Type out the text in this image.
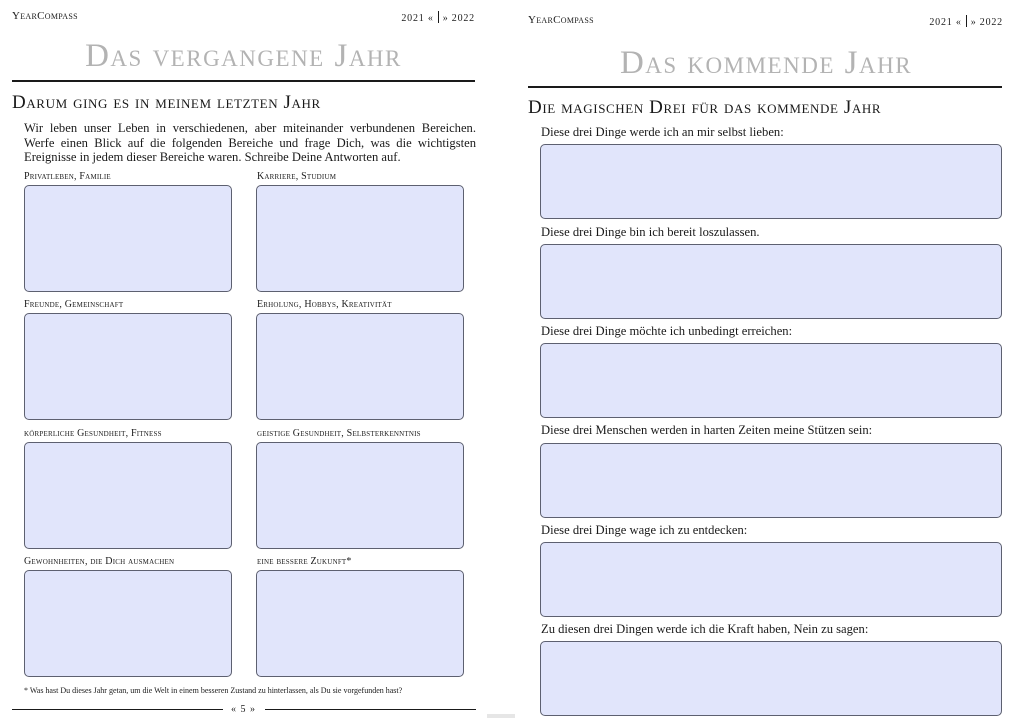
YearCompass	2021 « » 2022
Das vergangene Jahr
Darum ging es in meinem letzten Jahr
Wir leben unser Leben in verschiedenen, aber miteinander verbundenen Bereichen. Werfe einen Blick auf die folgenden Bereiche und frage Dich, was die wichtigsten Ereignisse in jedem dieser Bereiche waren. Schreibe Deine Antworten auf.
Privatleben, Familie	Karriere, Studium
Freunde, Gemeinschaft	Erholung, Hobbys, Kreativität
körperliche Gesundheit, Fitness	geistige Gesundheit, Selbsterkenntnis
Gewohnheiten, die Dich ausmachen	eine bessere Zukunft*
* Was hast Du dieses Jahr getan, um die Welt in einem besseren Zustand zu hinterlassen, als Du sie vorgefunden hast?
« 5 »
YearCompass	2021 « » 2022
Das kommende Jahr
Die magischen Drei für das kommende Jahr
Diese drei Dinge werde ich an mir selbst lieben:
Diese drei Dinge bin ich bereit loszulassen.
Diese drei Dinge möchte ich unbedingt erreichen:
Diese drei Menschen werden in harten Zeiten meine Stützen sein:
Diese drei Dinge wage ich zu entdecken:
Zu diesen drei Dingen werde ich die Kraft haben, Nein zu sagen:
